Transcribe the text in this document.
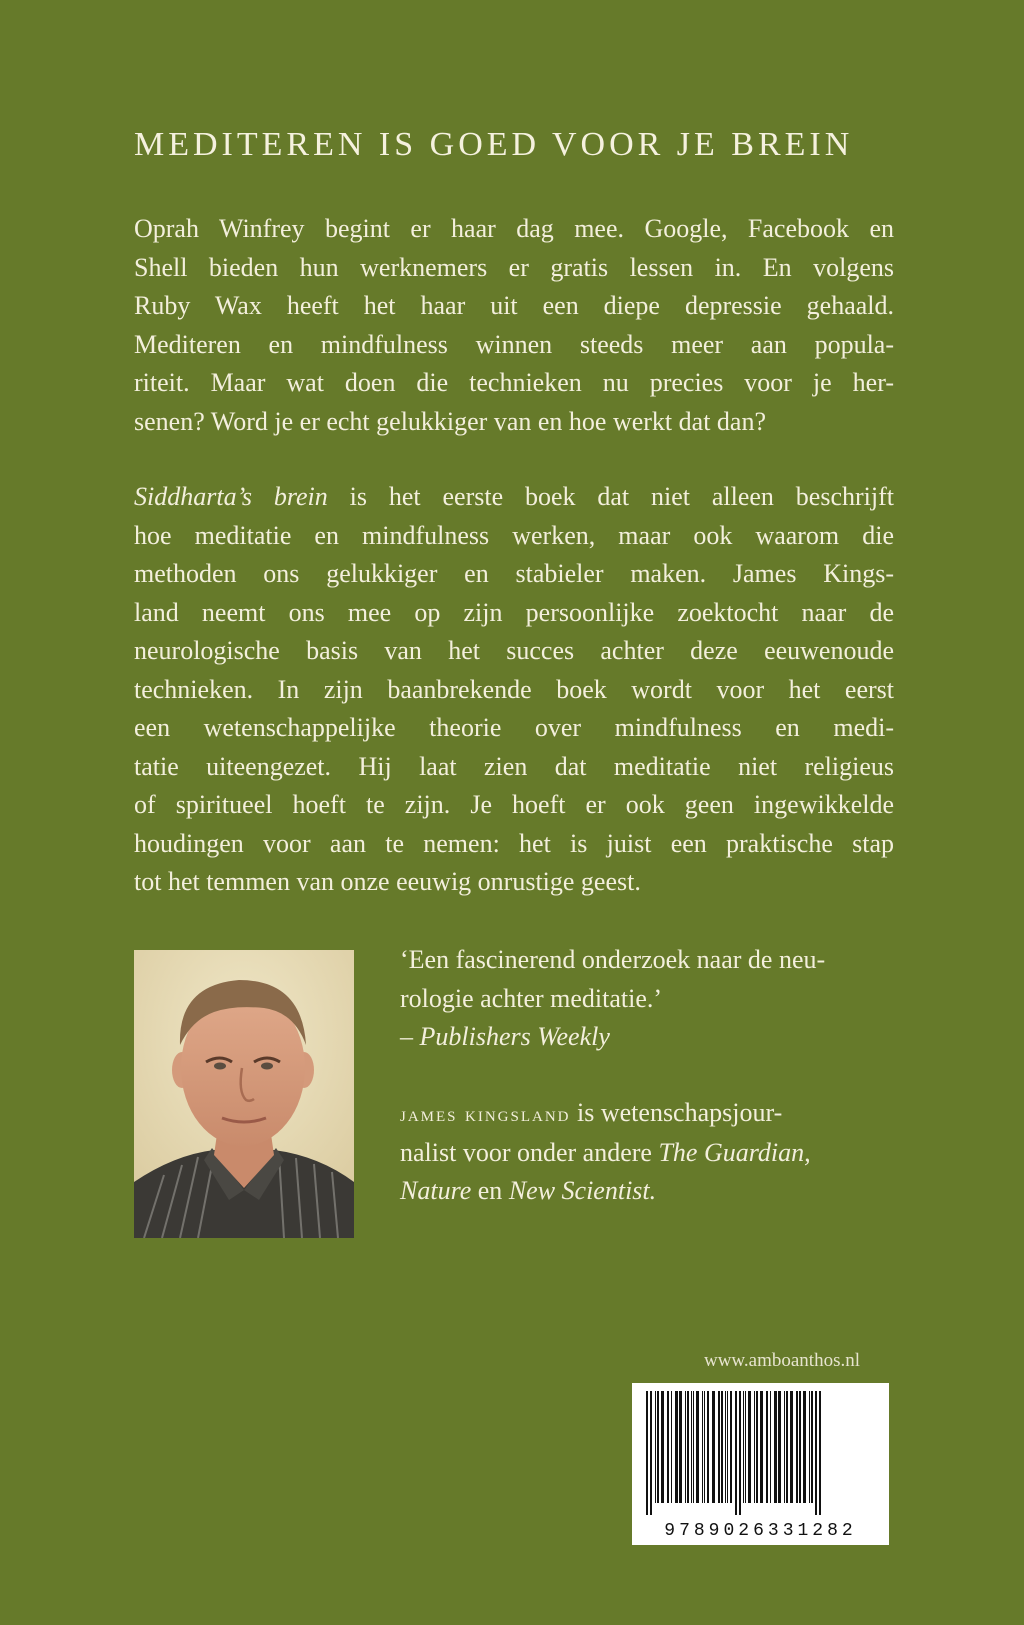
MEDITEREN IS GOED VOOR JE BREIN
Oprah Winfrey begint er haar dag mee. Google, Facebook en
Shell bieden hun werknemers er gratis lessen in. En volgens
Ruby Wax heeft het haar uit een diepe depressie gehaald.
Mediteren en mindfulness winnen steeds meer aan popula-
riteit. Maar wat doen die technieken nu precies voor je her-
senen? Word je er echt gelukkiger van en hoe werkt dat dan?
Siddharta’s brein is het eerste boek dat niet alleen beschrijft
hoe meditatie en mindfulness werken, maar ook waarom die
methoden ons gelukkiger en stabieler maken. James Kings-
land neemt ons mee op zijn persoonlijke zoektocht naar de
neurologische basis van het succes achter deze eeuwenoude
technieken. In zijn baanbrekende boek wordt voor het eerst
een wetenschappelijke theorie over mindfulness en medi-
tatie uiteengezet. Hij laat zien dat meditatie niet religieus
of spiritueel hoeft te zijn. Je hoeft er ook geen ingewikkelde
houdingen voor aan te nemen: het is juist een praktische stap
tot het temmen van onze eeuwig onrustige geest.
‘Een fascinerend onderzoek naar de neu-
rologie achter meditatie.’
– Publishers Weekly
james kingsland is wetenschapsjour-
nalist voor onder andere The Guardian,
Nature en New Scientist.
www.amboanthos.nl
9789026331282
